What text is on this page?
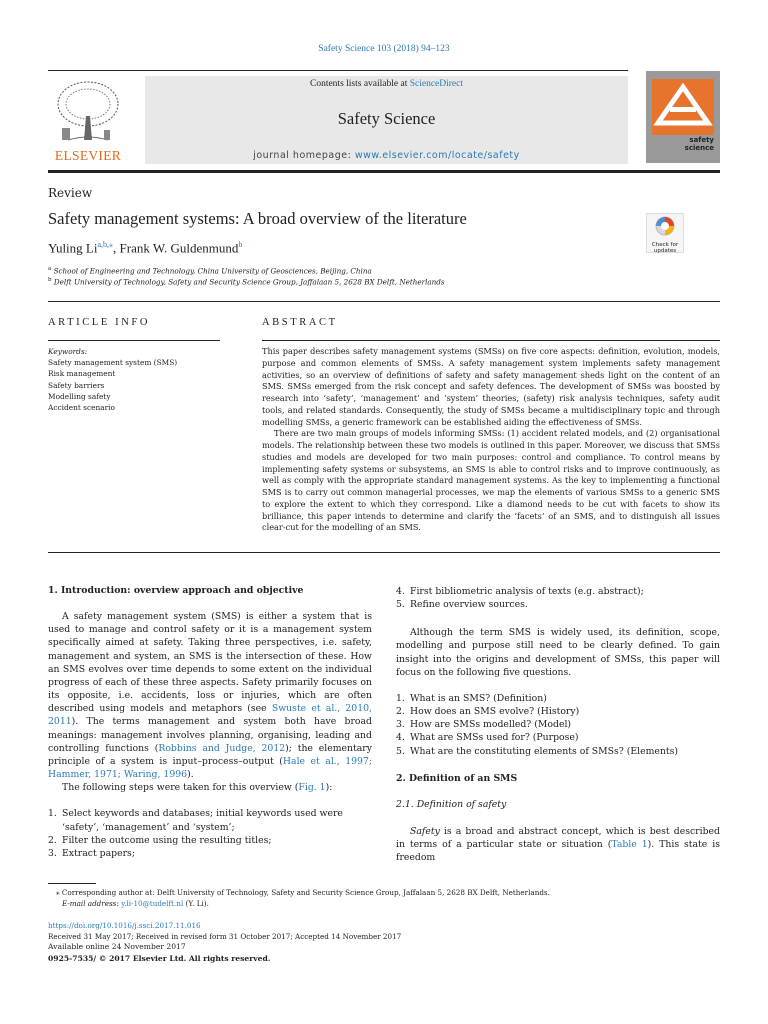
Safety Science 103 (2018) 94–123
ELSEVIER
Contents lists available at ScienceDirect
Safety Science
journal homepage: www.elsevier.com/locate/safety
safety
science
Review
Safety management systems: A broad overview of the literature
Check for
updates
Yuling $Li^{a,b,⁎}$, Frank W. Guldenmund$^b$
$^a$ School of Engineering and Technology, China University of Geosciences, Beijing, China
$^b$ Delft University of Technology, Safety and Security Science Group, Jaffalaan 5, 2628 BX Delft, Netherlands
ARTICLE INFO	ABSTRACT
Keywords:
Safety management system (SMS)
Risk management
Safety barriers
Modelling safety
Accident scenario

This paper describes safety management systems (SMSs) on five core aspects: definition, evolution, models, purpose and common elements of SMSs. A safety management system implements safety management activities, so an overview of definitions of safety and safety management sheds light on the content of an SMS. SMSs emerged from the risk concept and safety defences. The development of SMSs was boosted by research into ‘safety’, ‘management’ and ‘system’ theories, (safety) risk analysis techniques, safety audit tools, and related standards. Consequently, the study of SMSs became a multidisciplinary topic and through modelling SMSs, a generic framework can be established aiding the effectiveness of SMSs.

There are two main groups of models informing SMSs: (1) accident related models, and (2) organisational models. The relationship between these two models is outlined in this paper. Moreover, we discuss that SMSs studies and models are developed for two main purposes: control and compliance. To control means by implementing safety systems or subsystems, an SMS is able to control risks and to improve continuously, as well as comply with the appropriate standard management systems. As the key to implementing a functional SMS is to carry out common managerial processes, we map the elements of various SMSs to a generic SMS to explore the extent to which they correspond. Like a diamond needs to be cut with facets to show its brilliance, this paper intends to determine and clarify the ‘facets’ of an SMS, and to distinguish all issues clear-cut for the modelling of an SMS.

1. Introduction: overview approach and objective

A safety management system (SMS) is either a system that is used to manage and control safety or it is a management system specifically aimed at safety. Taking three perspectives, i.e. safety, management and system, an SMS is the intersection of these. How an SMS evolves over time depends to some extent on the individual progress of each of these three aspects. Safety primarily focuses on its opposite, i.e. accidents, loss or injuries, which are often described using models and metaphors (see Swuste et al., 2010, 2011). The terms management and system both have broad meanings: management involves planning, organising, leading and controlling functions (Robbins and Judge, 2012); the elementary principle of a system is input–process–output (Hale et al., 1997; Hammer, 1971; Waring, 1996).

The following steps were taken for this overview (Fig. 1):

1. Select keywords and databases; initial keywords used were ‘safety’, ‘management’ and ‘system’;
2. Filter the outcome using the resulting titles;
3. Extract papers;
4. First bibliometric analysis of texts (e.g. abstract);
5. Refine overview sources.

Although the term SMS is widely used, its definition, scope, modelling and purpose still need to be clearly defined. To gain insight into the origins and development of SMSs, this paper will focus on the following five questions.

1. What is an SMS? (Definition)
2. How does an SMS evolve? (History)
3. How are SMSs modelled? (Model)
4. What are SMSs used for? (Purpose)
5. What are the constituting elements of SMSs? (Elements)
2. Definition of an SMS
2.1. Definition of safety

Safety is a broad and abstract concept, which is best described in terms of a particular state or situation (Table 1). This state is freedom

⁎ Corresponding author at: Delft University of Technology, Safety and Security Science Group, Jaffalaan 5, 2628 BX Delft, Netherlands.
E-mail address: y.li-10@tudelft.nl (Y. Li).
https://doi.org/10.1016/j.ssci.2017.11.016
Received 31 May 2017; Received in revised form 31 October 2017; Accepted 14 November 2017
Available online 24 November 2017
0925-7535/ © 2017 Elsevier Ltd. All rights reserved.
